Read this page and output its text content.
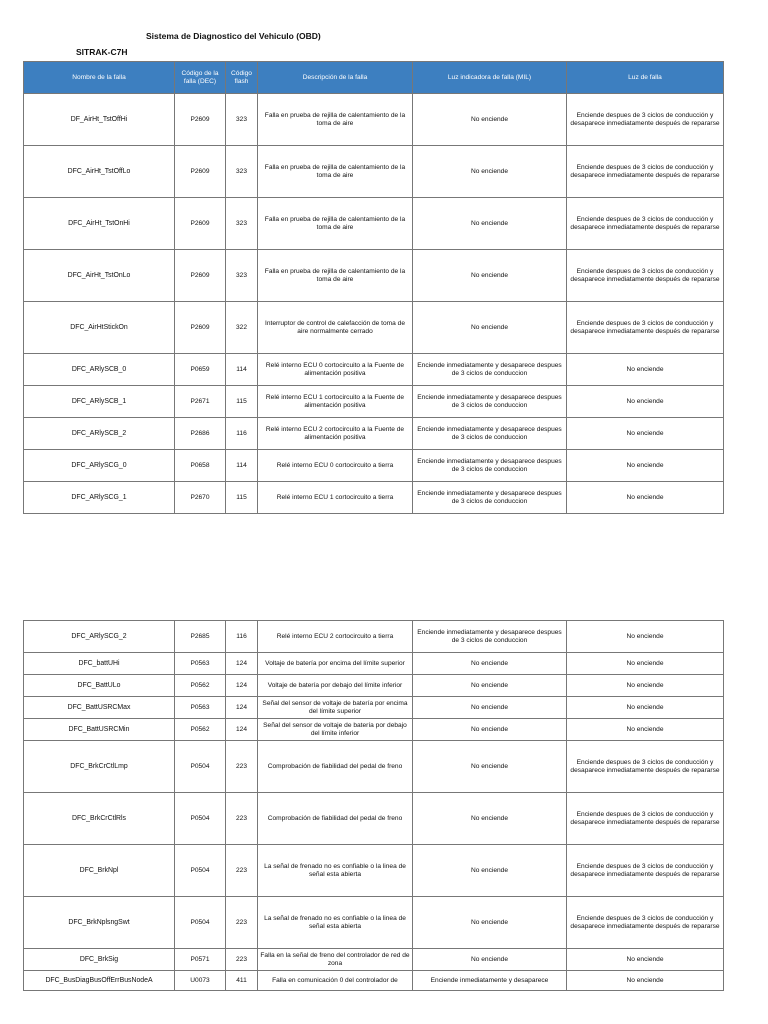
Sistema de Diagnostico del Vehiculo (OBD)
SITRAK-C7H
Nombre de la falla	Código de la falla (DEC)	Código flash	Descripción de la falla	Luz indicadora de falla (MIL)	Luz de falla
DF_AirHt_TstOffHi	P2609	323	Falla en prueba de rejilla de calentamiento de la toma de aire	No enciende	Enciende despues de 3 ciclos de conducción y desaparece inmediatamente después de repararse
DFC_AirHt_TstOffLo	P2609	323	Falla en prueba de rejilla de calentamiento de la toma de aire	No enciende	Enciende despues de 3 ciclos de conducción y desaparece inmediatamente después de repararse
DFC_AirHt_TstOnHi	P2609	323	Falla en prueba de rejilla de calentamiento de la toma de aire	No enciende	Enciende despues de 3 ciclos de conducción y desaparece inmediatamente después de repararse
DFC_AirHt_TstOnLo	P2609	323	Falla en prueba de rejilla de calentamiento de la toma de aire	No enciende	Enciende despues de 3 ciclos de conducción y desaparece inmediatamente después de repararse
DFC_AirHtStickOn	P2609	322	Interruptor de control de calefacción de toma de aire normalmente cerrado	No enciende	Enciende despues de 3 ciclos de conducción y desaparece inmediatamente después de repararse
DFC_ARlySCB_0	P0659	114	Relé interno ECU 0 cortocircuito a la Fuente de alimentación positiva	Enciende inmediatamente y desaparece despues de 3 ciclos de conduccion	No enciende
DFC_ARlySCB_1	P2671	115	Relé interno ECU 1 cortocircuito a la Fuente de alimentación positiva	Enciende inmediatamente y desaparece despues de 3 ciclos de conduccion	No enciende
DFC_ARlySCB_2	P2686	116	Relé interno ECU 2 cortocircuito a la Fuente de alimentación positiva	Enciende inmediatamente y desaparece despues de 3 ciclos de conduccion	No enciende
DFC_ARlySCG_0	P0658	114	Relé interno ECU 0 cortocircuito a tierra	Enciende inmediatamente y desaparece despues de 3 ciclos de conduccion	No enciende
DFC_ARlySCG_1	P2670	115	Relé interno ECU 1 cortocircuito a tierra	Enciende inmediatamente y desaparece despues de 3 ciclos de conduccion	No enciende
DFC_ARlySCG_2	P2685	116	Relé interno ECU 2 cortocircuito a tierra	Enciende inmediatamente y desaparece despues de 3 ciclos de conduccion	No enciende
DFC_battUHi	P0563	124	Voltaje de batería por encima del límite superior	No enciende	No enciende
DFC_BattULo	P0562	124	Voltaje de batería por debajo del límite inferior	No enciende	No enciende
DFC_BattUSRCMax	P0563	124	Señal del sensor de voltaje de batería por encima del límite superior	No enciende	No enciende
DFC_BattUSRCMin	P0562	124	Señal del sensor de voltaje de batería por debajo del límite inferior	No enciende	No enciende
DFC_BrkCrCtlLmp	P0504	223	Comprobación de fiabilidad del pedal de freno	No enciende	Enciende despues de 3 ciclos de conducción y desaparece inmediatamente después de repararse
DFC_BrkCrCtlRls	P0504	223	Comprobación de fiabilidad del pedal de freno	No enciende	Enciende despues de 3 ciclos de conducción y desaparece inmediatamente después de repararse
DFC_BrkNpl	P0504	223	La señal de frenado no es confiable o la linea de señal esta abierta	No enciende	Enciende despues de 3 ciclos de conducción y desaparece inmediatamente después de repararse
DFC_BrkNplsngSwt	P0504	223	La señal de frenado no es confiable o la linea de señal esta abierta	No enciende	Enciende despues de 3 ciclos de conducción y desaparece inmediatamente después de repararse
DFC_BrkSig	P0571	223	Falla en la señal de freno del controlador de red de zona	No enciende	No enciende
DFC_BusDiagBusOffErrBusNodeA	U0073	411	Falla en comunicación 0 del controlador de	Enciende inmediatamente y desaparece	No enciende
